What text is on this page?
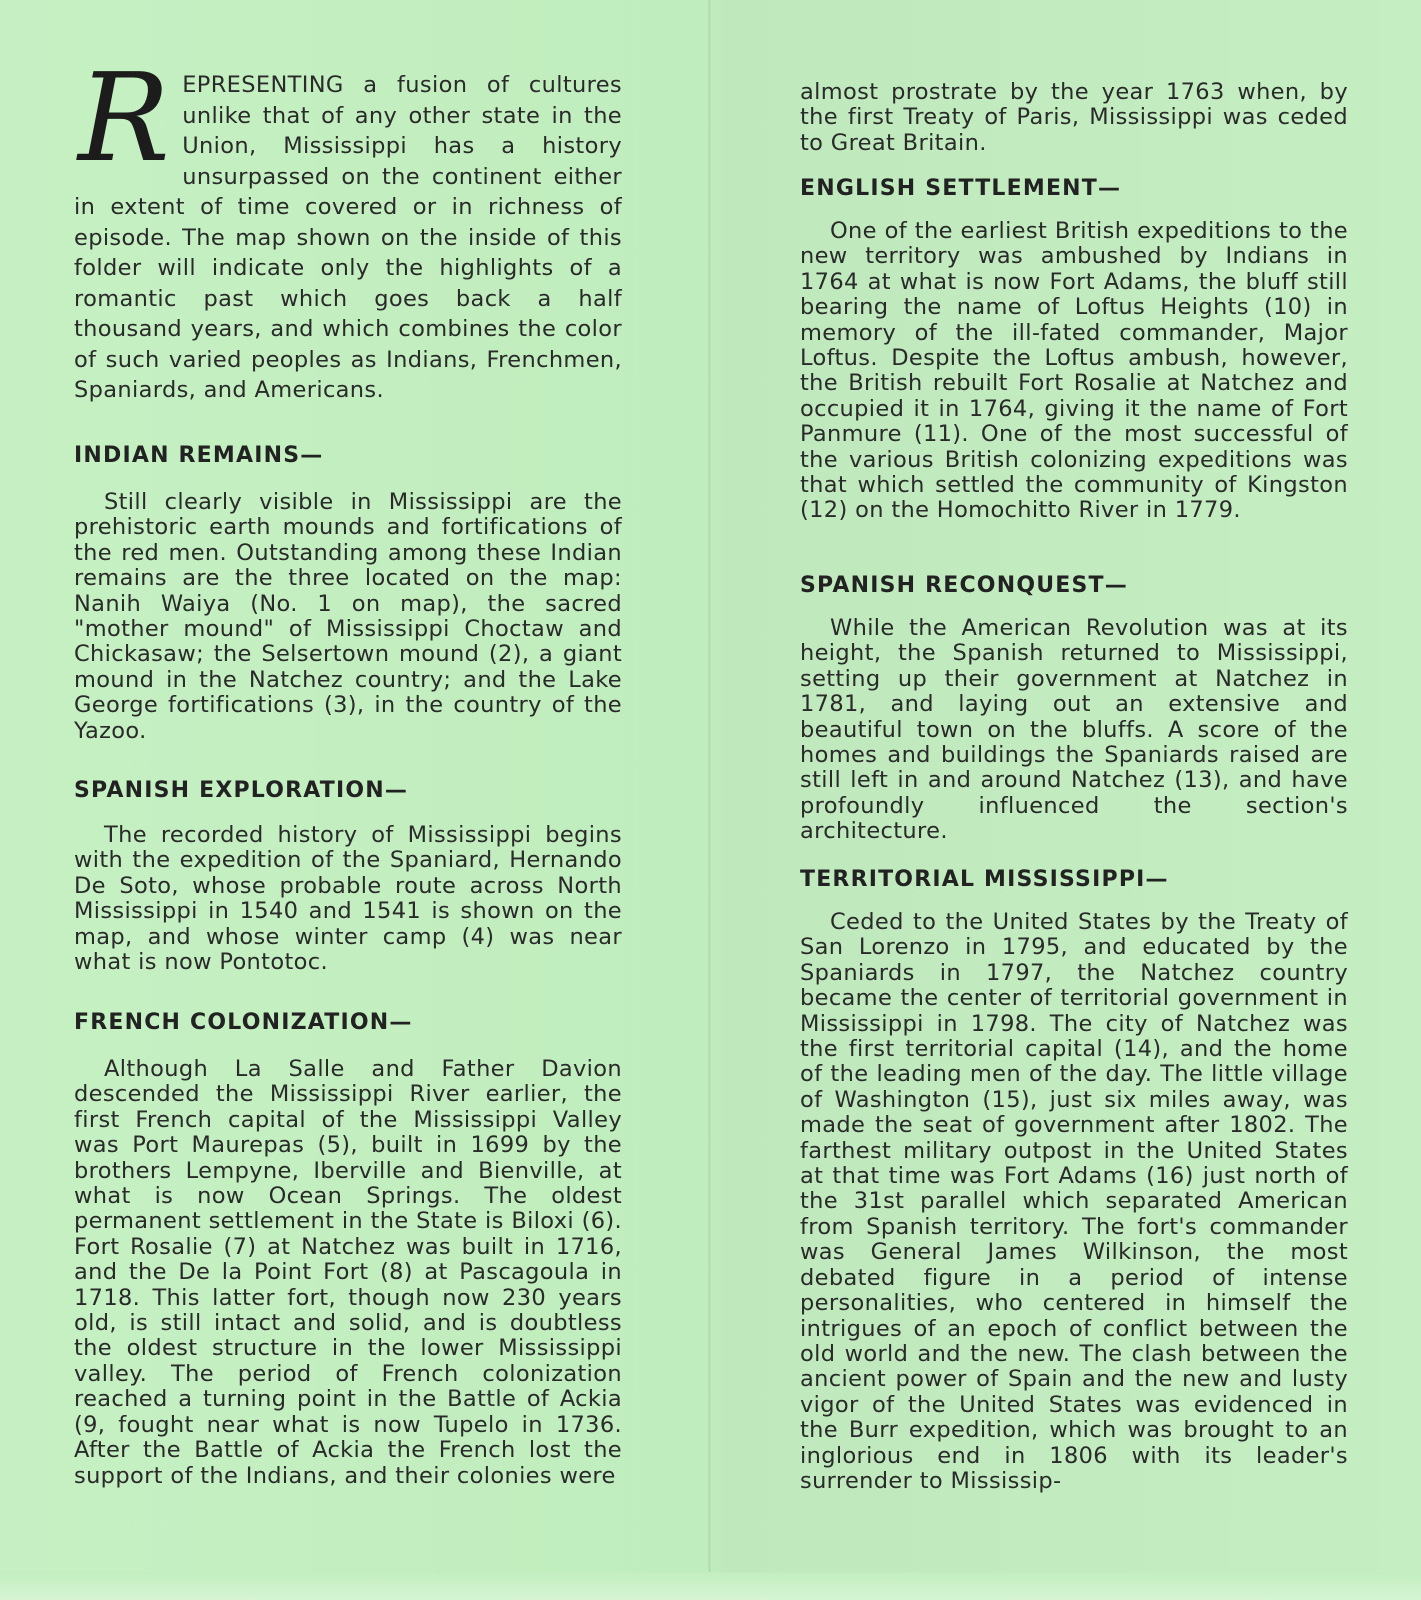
REPRESENTING a fusion of cultures unlike that of any other state in the Union, Mississippi has a history unsurpassed on the continent either in extent of time covered or in richness of episode. The map shown on the inside of this folder will indicate only the highlights of a romantic past which goes back a half thousand years, and which combines the color of such varied peoples as Indians, Frenchmen, Spaniards, and Americans.

INDIAN REMAINS—

Still clearly visible in Mississippi are the prehistoric earth mounds and fortifications of the red men. Outstanding among these Indian remains are the three located on the map: Nanih Waiya (No. 1 on map), the sacred "mother mound" of Mississippi Choctaw and Chickasaw; the Selsertown mound (2), a giant mound in the Natchez country; and the Lake George fortifications (3), in the country of the Yazoo.

SPANISH EXPLORATION—

The recorded history of Mississippi begins with the expedition of the Spaniard, Hernando De Soto, whose probable route across North Mississippi in 1540 and 1541 is shown on the map, and whose winter camp (4) was near what is now Pontotoc.

FRENCH COLONIZATION—

Although La Salle and Father Davion descended the Mississippi River earlier, the first French capital of the Mississippi Valley was Port Maurepas (5), built in 1699 by the brothers Lempyne, Iberville and Bienville, at what is now Ocean Springs. The oldest permanent settlement in the State is Biloxi (6). Fort Rosalie (7) at Natchez was built in 1716, and the De la Point Fort (8) at Pascagoula in 1718. This latter fort, though now 230 years old, is still intact and solid, and is doubtless the oldest structure in the lower Mississippi valley. The period of French colonization reached a turning point in the Battle of Ackia (9, fought near what is now Tupelo in 1736. After the Battle of Ackia the French lost the support of the Indians, and their colonies were

almost prostrate by the year 1763 when, by the first Treaty of Paris, Mississippi was ceded to Great Britain.

ENGLISH SETTLEMENT—

One of the earliest British expeditions to the new territory was ambushed by Indians in 1764 at what is now Fort Adams, the bluff still bearing the name of Loftus Heights (10) in memory of the ill-fated commander, Major Loftus. Despite the Loftus ambush, however, the British rebuilt Fort Rosalie at Natchez and occupied it in 1764, giving it the name of Fort Panmure (11). One of the most successful of the various British colonizing expeditions was that which settled the community of Kingston (12) on the Homochitto River in 1779.

SPANISH RECONQUEST—

While the American Revolution was at its height, the Spanish returned to Mississippi, setting up their government at Natchez in 1781, and laying out an extensive and beautiful town on the bluffs. A score of the homes and buildings the Spaniards raised are still left in and around Natchez (13), and have profoundly influenced the section's architecture.

TERRITORIAL MISSISSIPPI—

Ceded to the United States by the Treaty of San Lorenzo in 1795, and educated by the Spaniards in 1797, the Natchez country became the center of territorial government in Mississippi in 1798. The city of Natchez was the first territorial capital (14), and the home of the leading men of the day. The little village of Washington (15), just six miles away, was made the seat of government after 1802. The farthest military outpost in the United States at that time was Fort Adams (16) just north of the 31st parallel which separated American from Spanish territory. The fort's commander was General James Wilkinson, the most debated figure in a period of intense personalities, who centered in himself the intrigues of an epoch of conflict between the old world and the new. The clash between the ancient power of Spain and the new and lusty vigor of the United States was evidenced in the Burr expedition, which was brought to an inglorious end in 1806 with its leader's surrender to Mississip-
